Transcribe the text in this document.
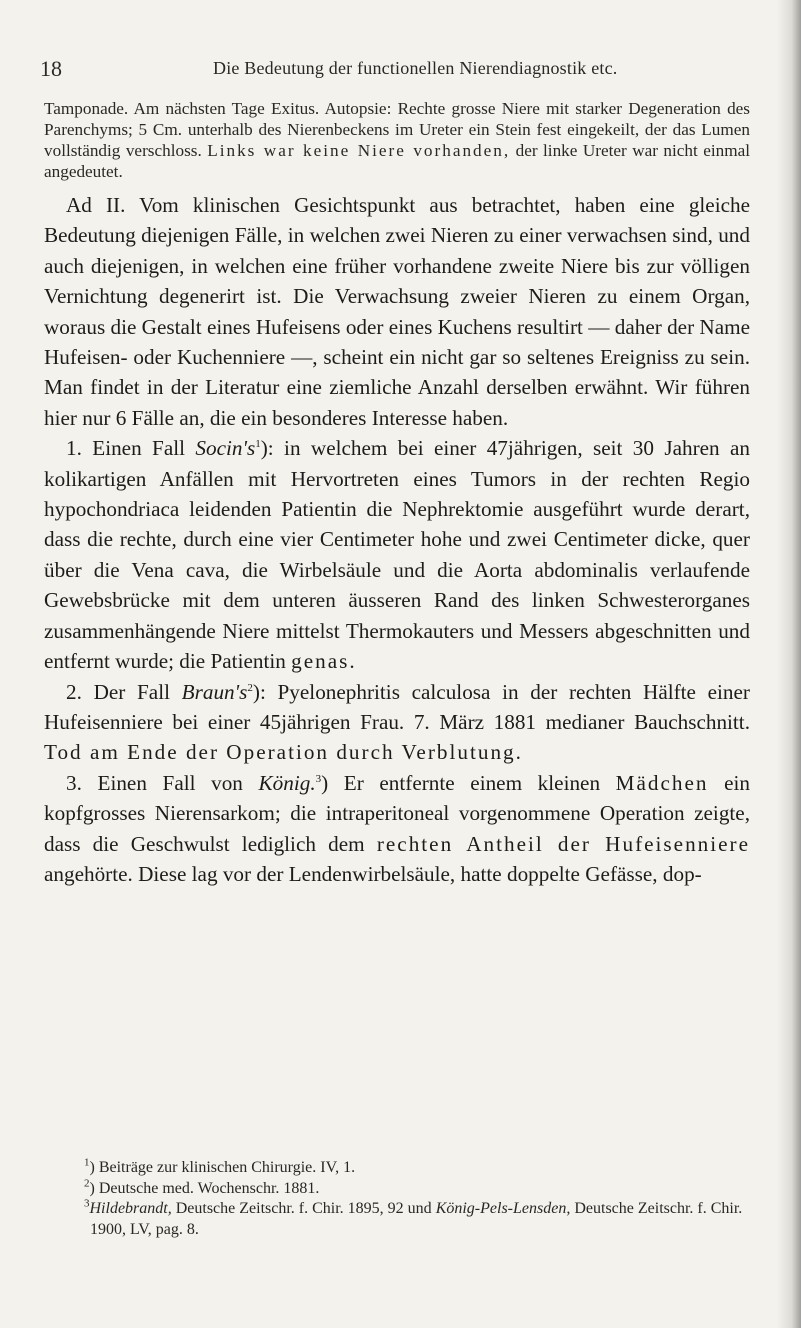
18	Die Bedeutung der functionellen Nierendiagnostik etc.

Tamponade. Am nächsten Tage Exitus. Autopsie: Rechte grosse Niere mit starker Degeneration des Parenchyms; 5 Cm. unterhalb des Nierenbeckens im Ureter ein Stein fest eingekeilt, der das Lumen vollständig verschloss. Links war keine Niere vorhanden, der linke Ureter war nicht einmal angedeutet.

Ad II. Vom klinischen Gesichtspunkt aus betrachtet, haben eine gleiche Bedeutung diejenigen Fälle, in welchen zwei Nieren zu einer verwachsen sind, und auch diejenigen, in welchen eine früher vorhandene zweite Niere bis zur völligen Vernichtung degenerirt ist. Die Verwachsung zweier Nieren zu einem Organ, woraus die Gestalt eines Hufeisens oder eines Kuchens resultirt — daher der Name Hufeisen- oder Kuchenniere —, scheint ein nicht gar so seltenes Ereigniss zu sein. Man findet in der Literatur eine ziemliche Anzahl derselben erwähnt. Wir führen hier nur 6 Fälle an, die ein besonderes Interesse haben.

1. Einen Fall $Socin's^1$): in welchem bei einer 47jährigen, seit 30 Jahren an kolikartigen Anfällen mit Hervortreten eines Tumors in der rechten Regio hypochondriaca leidenden Patientin die Nephrektomie ausgeführt wurde derart, dass die rechte, durch eine vier Centimeter hohe und zwei Centimeter dicke, quer über die Vena cava, die Wirbelsäule und die Aorta abdominalis verlaufende Gewebsbrücke mit dem unteren äusseren Rand des linken Schwesterorganes zusammenhängende Niere mittelst Thermokauters und Messers abgeschnitten und entfernt wurde; die Patientin genas.

2. Der Fall $Braun's^2$): Pyelonephritis calculosa in der rechten Hälfte einer Hufeisenniere bei einer 45jährigen Frau. 7. März 1881 medianer Bauchschnitt. Tod am Ende der Operation durch Verblutung.

3. Einen Fall von König.$^3$) Er entfernte einem kleinen Mädchen ein kopfgrosses Nierensarkom; die intraperitoneal vorgenommene Operation zeigte, dass die Geschwulst lediglich dem rechten Antheil der Hufeisenniere angehörte. Diese lag vor der Lendenwirbelsäule, hatte doppelte Gefässe, dop-

$^1$) Beiträge zur klinischen Chirurgie. IV, 1.

$^2$) Deutsche med. Wochenschr. 1881.

$^3$Hildebrandt, Deutsche Zeitschr. f. Chir. 1895, 92 und König-Pels-Lensden, Deutsche Zeitschr. f. Chir. 1900, LV, pag. 8.
